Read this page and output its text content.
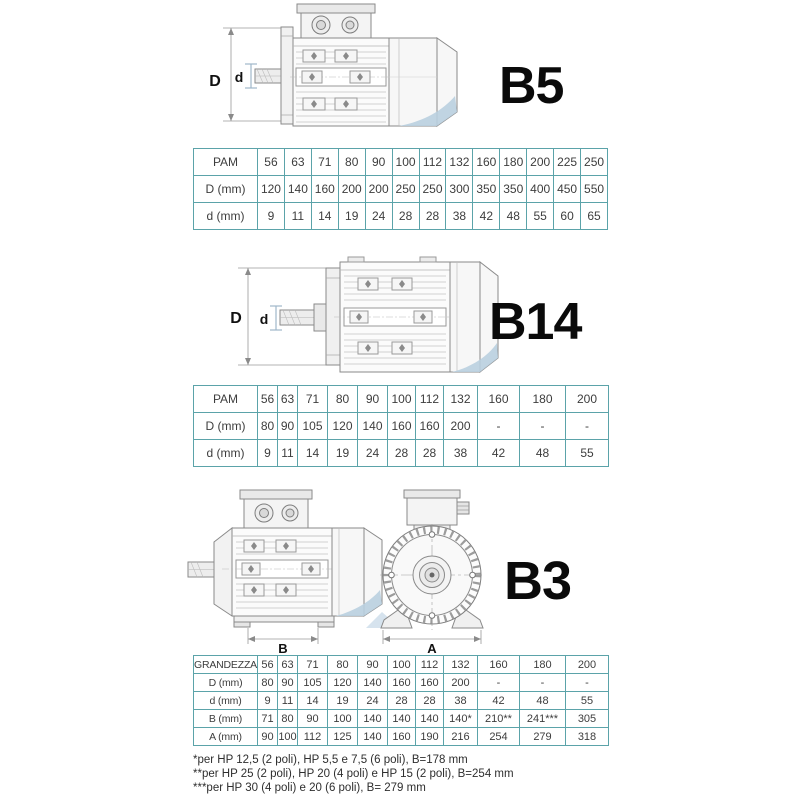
D d	B5
PAM	56	63	71	80	90	100	112	132	160	180	200	225	250
D (mm)	120	140	160	200	200	250	250	300	350	350	400	450	550
d (mm)	9	11	14	19	24	28	28	38	42	48	55	60	65
D d	B14
PAM	56	63	71	80	90	100	112	132	160	180	200
D (mm)	80	90	105	120	140	160	160	200	-	-	-
d (mm)	9	11	14	19	24	28	28	38	42	48	55
B	A
B3
GRANDEZZA	56	63	71	80	90	100	112	132	160	180	200
D (mm)	80	90	105	120	140	160	160	200	-	-	-
d (mm)	9	11	14	19	24	28	28	38	42	48	55
B (mm)	71	80	90	100	140	140	140	140*	210**	241***	305
A (mm)	90	100	112	125	140	160	190	216	254	279	318
*per HP 12,5 (2 poli), HP 5,5 e 7,5 (6 poli), B=178 mm
**per HP 25 (2 poli), HP 20 (4 poli) e HP 15 (2 poli), B=254 mm
***per HP 30 (4 poli) e 20 (6 poli), B= 279 mm
